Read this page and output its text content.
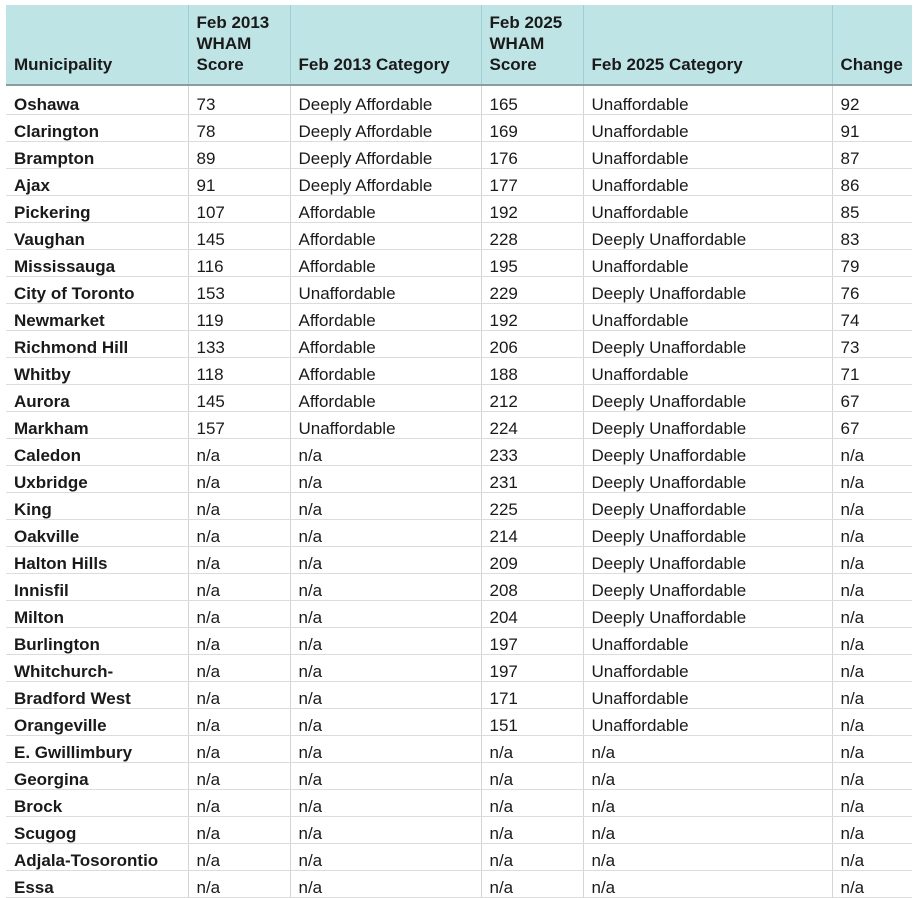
Municipality	Feb 2013 WHAM Score	Feb 2013 Category	Feb 2025 WHAM Score	Feb 2025 Category	Change
Oshawa	73	Deeply Affordable	165	Unaffordable	92
Clarington	78	Deeply Affordable	169	Unaffordable	91
Brampton	89	Deeply Affordable	176	Unaffordable	87
Ajax	91	Deeply Affordable	177	Unaffordable	86
Pickering	107	Affordable	192	Unaffordable	85
Vaughan	145	Affordable	228	Deeply Unaffordable	83
Mississauga	116	Affordable	195	Unaffordable	79
City of Toronto	153	Unaffordable	229	Deeply Unaffordable	76
Newmarket	119	Affordable	192	Unaffordable	74
Richmond Hill	133	Affordable	206	Deeply Unaffordable	73
Whitby	118	Affordable	188	Unaffordable	71
Aurora	145	Affordable	212	Deeply Unaffordable	67
Markham	157	Unaffordable	224	Deeply Unaffordable	67
Caledon	n/a	n/a	233	Deeply Unaffordable	n/a
Uxbridge	n/a	n/a	231	Deeply Unaffordable	n/a
King	n/a	n/a	225	Deeply Unaffordable	n/a
Oakville	n/a	n/a	214	Deeply Unaffordable	n/a
Halton Hills	n/a	n/a	209	Deeply Unaffordable	n/a
Innisfil	n/a	n/a	208	Deeply Unaffordable	n/a
Milton	n/a	n/a	204	Deeply Unaffordable	n/a
Burlington	n/a	n/a	197	Unaffordable	n/a
Whitchurch-	n/a	n/a	197	Unaffordable	n/a
Bradford West	n/a	n/a	171	Unaffordable	n/a
Orangeville	n/a	n/a	151	Unaffordable	n/a
E. Gwillimbury	n/a	n/a	n/a	n/a	n/a
Georgina	n/a	n/a	n/a	n/a	n/a
Brock	n/a	n/a	n/a	n/a	n/a
Scugog	n/a	n/a	n/a	n/a	n/a
Adjala-Tosorontio	n/a	n/a	n/a	n/a	n/a
Essa	n/a	n/a	n/a	n/a	n/a
